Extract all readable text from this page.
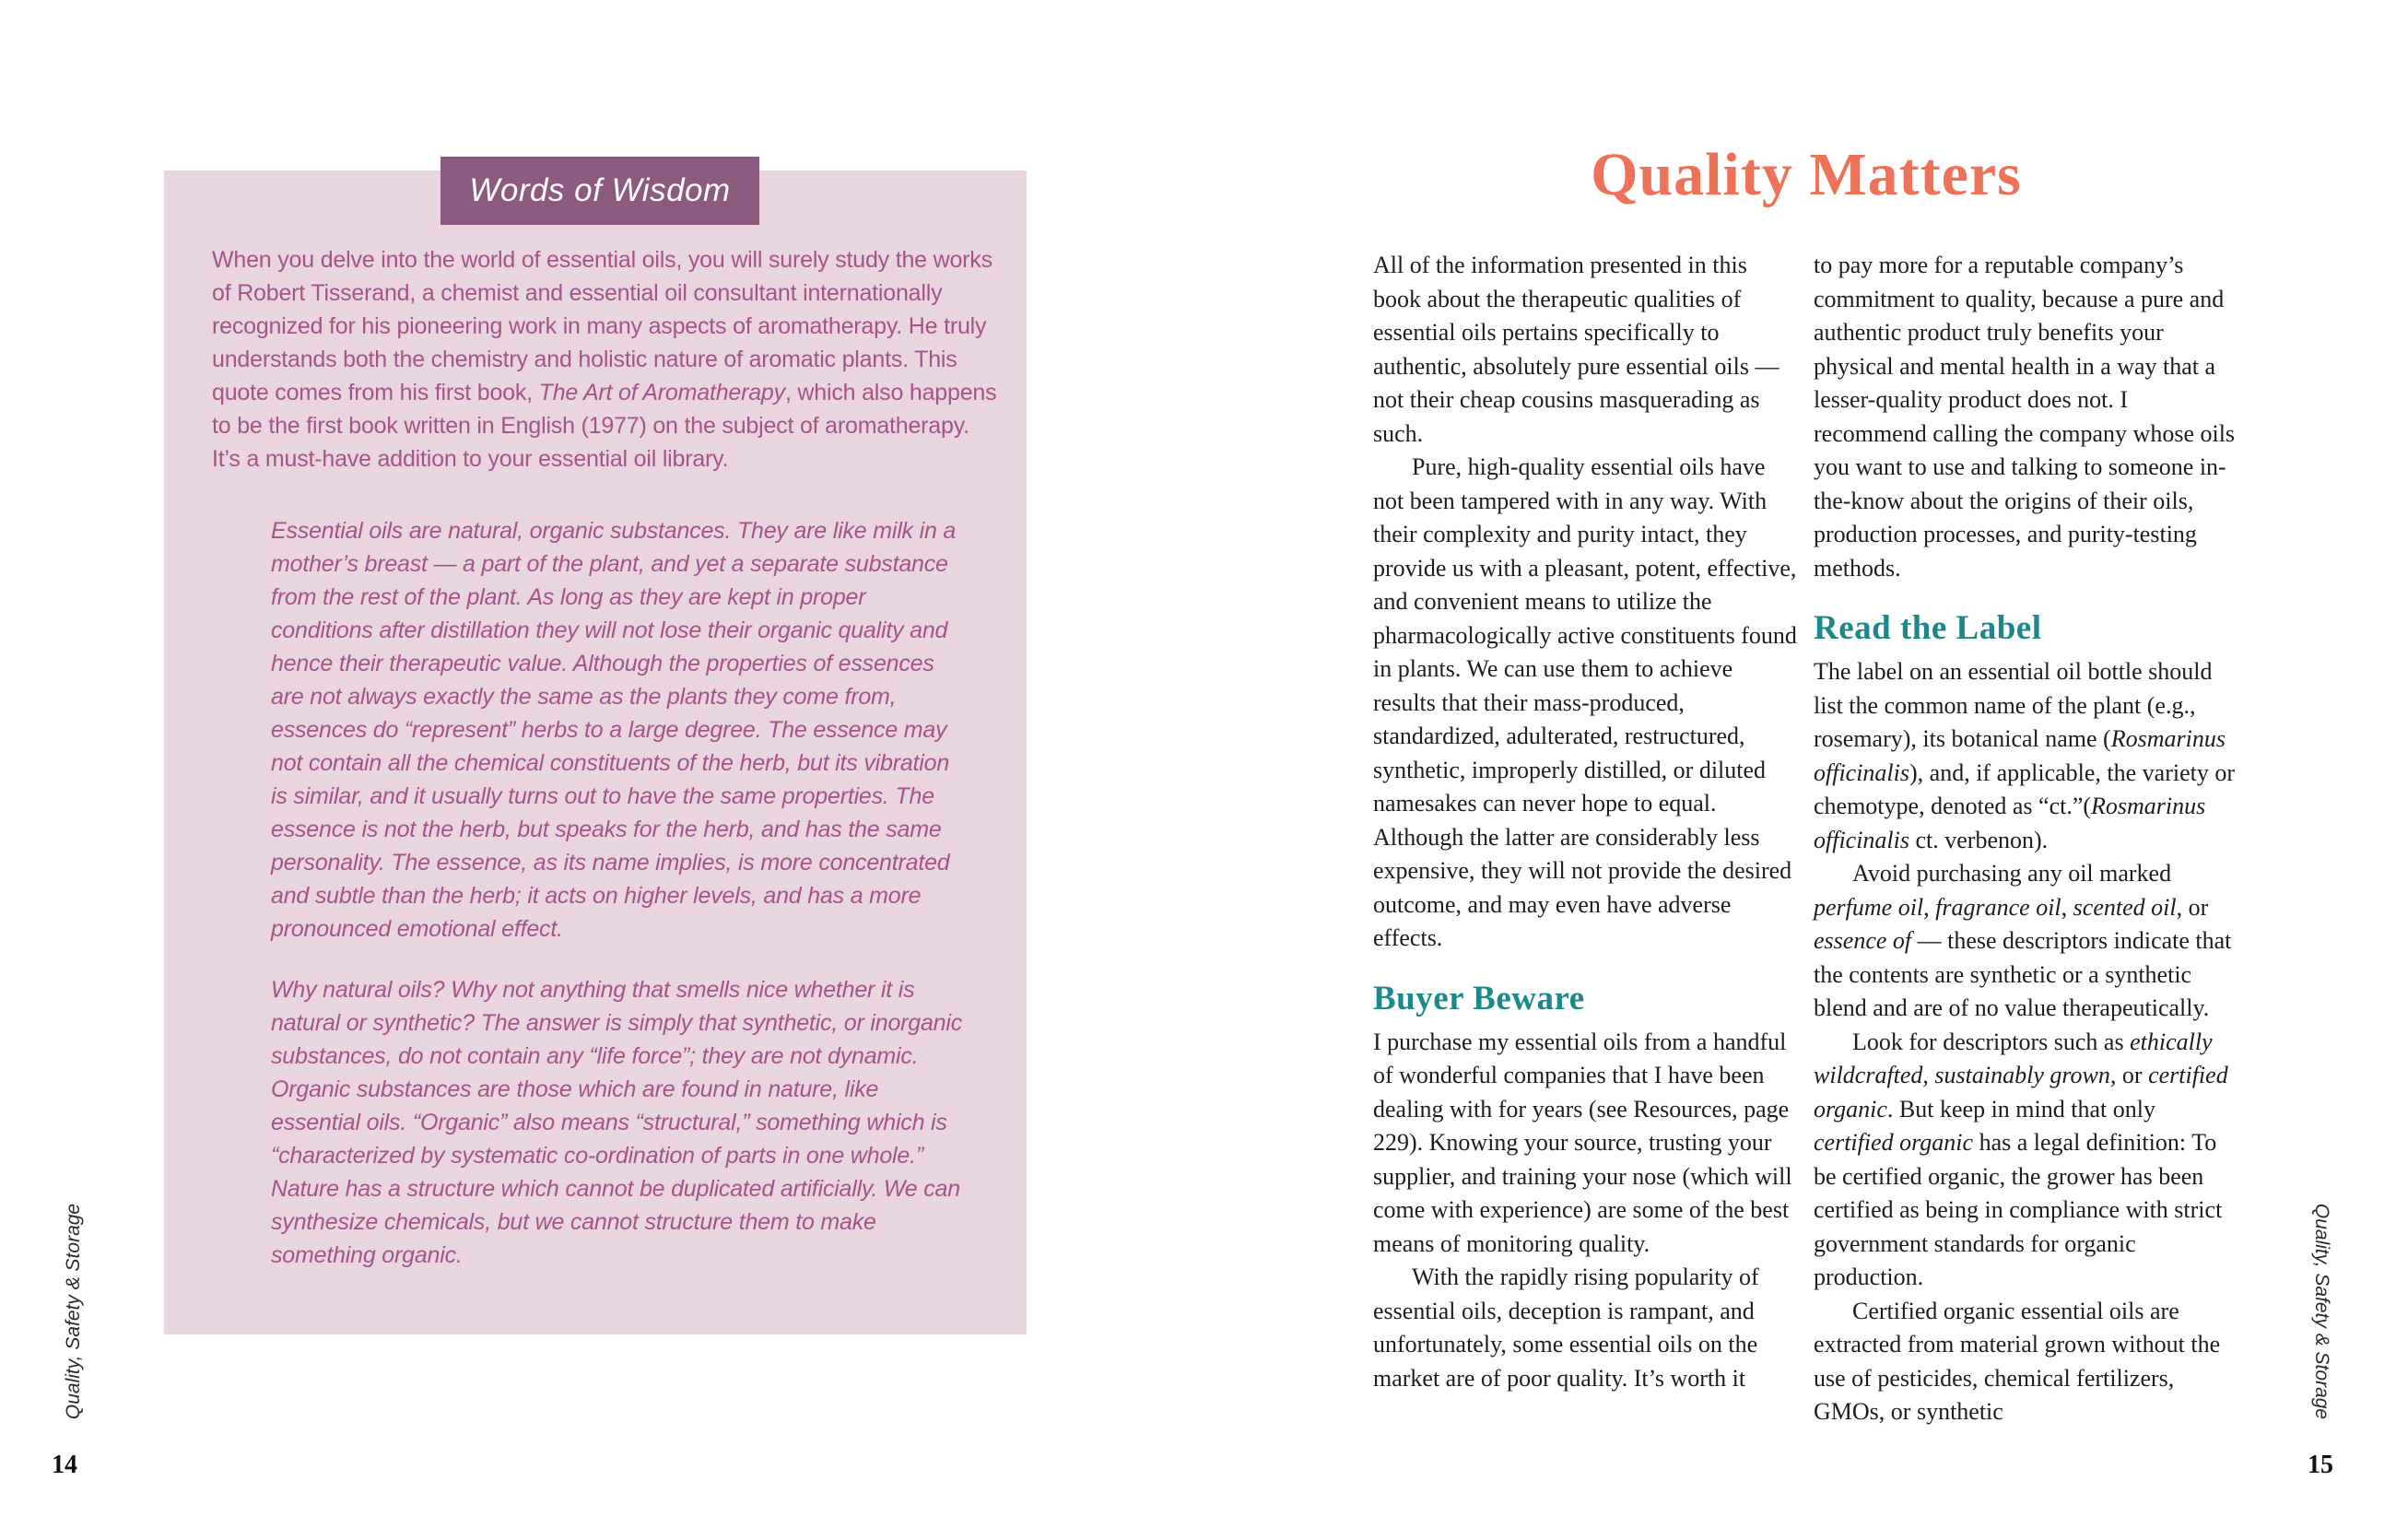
Words of Wisdom
When you delve into the world of essential oils, you will surely study the works of Robert Tisserand, a chemist and essential oil consultant internationally recognized for his pioneering work in many aspects of aromatherapy. He truly understands both the chemistry and holistic nature of aromatic plants. This quote comes from his first book, The Art of Aromatherapy, which also happens to be the first book written in English (1977) on the subject of aromatherapy. It’s a must-have addition to your essential oil library.
Essential oils are natural, organic substances. They are like milk in a mother’s breast — a part of the plant, and yet a separate substance from the rest of the plant. As long as they are kept in proper conditions after distillation they will not lose their organic quality and hence their therapeutic value. Although the properties of essences are not always exactly the same as the plants they come from, essences do “represent” herbs to a large degree. The essence may not contain all the chemical constituents of the herb, but its vibration is similar, and it usually turns out to have the same properties. The essence is not the herb, but speaks for the herb, and has the same personality. The essence, as its name implies, is more concentrated and subtle than the herb; it acts on higher levels, and has a more pronounced emotional effect.
Why natural oils? Why not anything that smells nice whether it is natural or synthetic? The answer is simply that synthetic, or inorganic substances, do not contain any “life force”; they are not dynamic. Organic substances are those which are found in nature, like essential oils. “Organic” also means “structural,” something which is “characterized by systematic co-ordination of parts in one whole.” Nature has a structure which cannot be duplicated artificially. We can synthesize chemicals, but we cannot structure them to make something organic.
Quality, Safety & Storage
14
Quality Matters

All of the information presented in this book about the therapeutic qualities of essential oils pertains specifically to authentic, absolutely pure essential oils — not their cheap cousins masquerading as such.

Pure, high-quality essential oils have not been tampered with in any way. With their complexity and purity intact, they provide us with a pleasant, potent, effective, and convenient means to utilize the pharmacologically active constituents found in plants. We can use them to achieve results that their mass-produced, standardized, adulterated, restructured, synthetic, improperly distilled, or diluted namesakes can never hope to equal. Although the latter are considerably less expensive, they will not provide the desired outcome, and may even have adverse effects.

Buyer Beware

I purchase my essential oils from a handful of wonderful companies that I have been dealing with for years (see Resources, page 229). Knowing your source, trusting your supplier, and training your nose (which will come with experience) are some of the best means of monitoring quality.

With the rapidly rising popularity of essential oils, deception is rampant, and unfortunately, some essential oils on the market are of poor quality. It’s worth it

to pay more for a reputable company’s commitment to quality, because a pure and authentic product truly benefits your physical and mental health in a way that a lesser-quality product does not. I recommend calling the company whose oils you want to use and talking to someone in-the-know about the origins of their oils, production processes, and purity-testing methods.

Read the Label

The label on an essential oil bottle should list the common name of the plant (e.g., rosemary), its botanical name (Rosmarinus officinalis), and, if applicable, the variety or chemotype, denoted as “ct.”(Rosmarinus officinalis ct. verbenon).

Avoid purchasing any oil marked perfume oil, fragrance oil, scented oil, or essence of — these descriptors indicate that the contents are synthetic or a synthetic blend and are of no value therapeutically.

Look for descriptors such as ethically wildcrafted, sustainably grown, or certified organic. But keep in mind that only certified organic has a legal definition: To be certified organic, the grower has been certified as being in compliance with strict government standards for organic production.

Certified organic essential oils are extracted from material grown without the use of pesticides, chemical fertilizers, GMOs, or synthetic	Quality, Safety & Storage
15
